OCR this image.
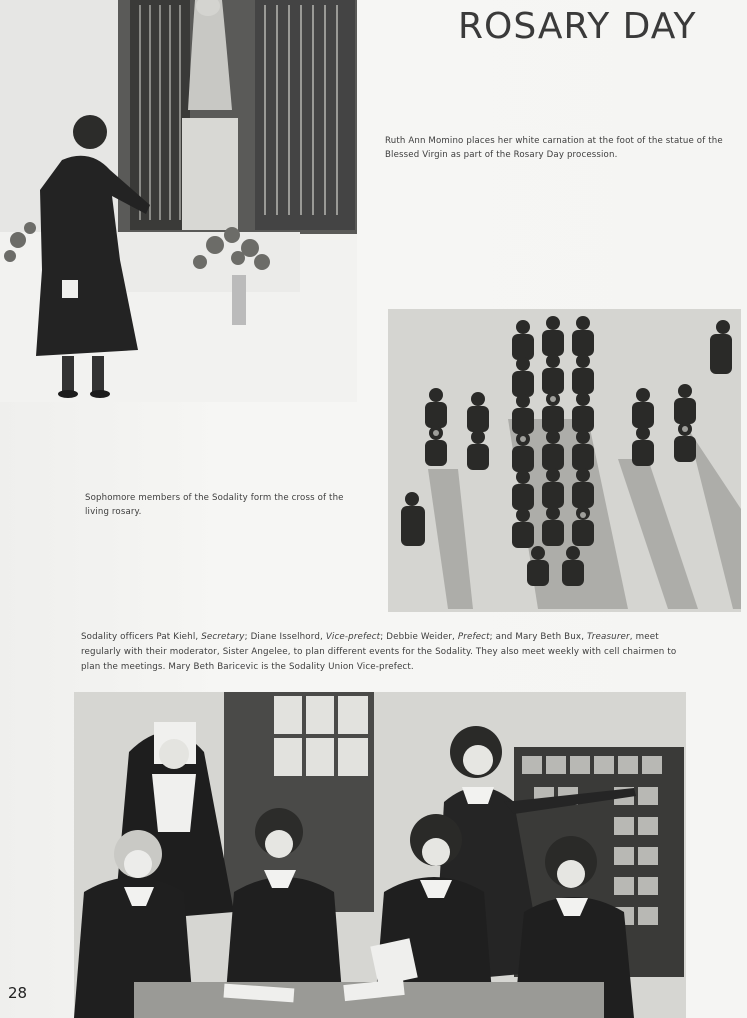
ROSARY DAY
Ruth Ann Momino places her white carnation at the foot of the statue of the Blessed Virgin as part of the Rosary Day procession.
Sophomore members of the Sodality form the cross of the living rosary.
Sodality officers Pat Kiehl, Secretary; Diane Isselhord, Vice-prefect; Debbie Weider, Prefect; and Mary Beth Bux, Treasurer, meet regularly with their moderator, Sister Angelee, to plan different events for the Sodality. They also meet weekly with cell chairmen to plan the meetings. Mary Beth Baricevic is the Sodality Union Vice-prefect.
28
